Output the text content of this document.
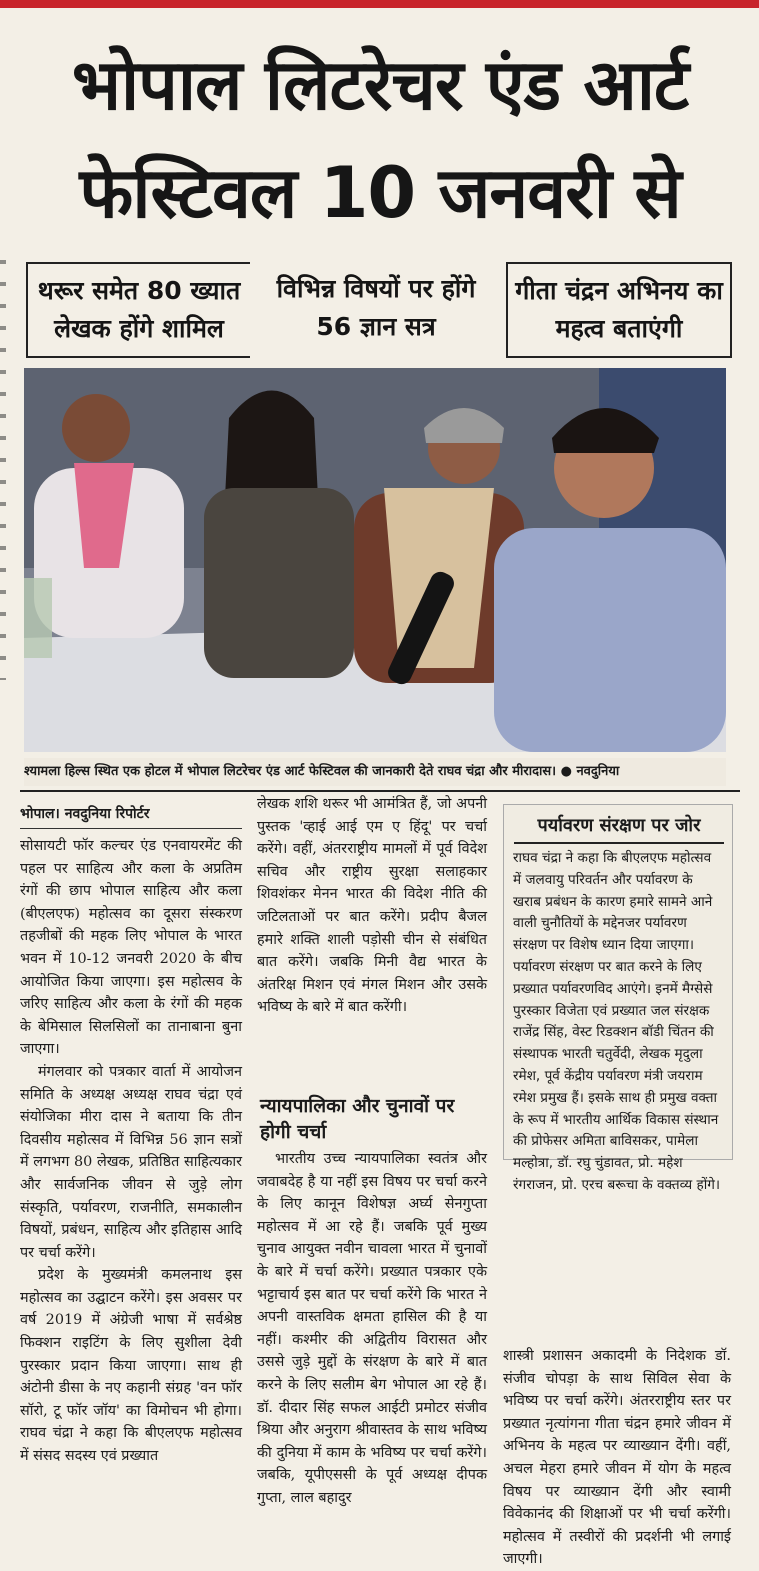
भोपाल लिटरेचर एंड आर्ट
फेस्टिवल 10 जनवरी से
थरूर समेत 80 ख्यात लेखक होंगे शामिल
विभिन्न विषयों पर होंगे 56 ज्ञान सत्र
गीता चंद्रन अभिनय का महत्व बताएंगी
श्यामला हिल्स स्थित एक होटल में भोपाल लिटरेचर एंड आर्ट फेस्टिवल की जानकारी देते राघव चंद्रा और मीरादास। ● नवदुनिया
भोपाल। नवदुनिया रिपोर्टर

सोसायटी फॉर कल्चर एंड एनवायरमेंट की पहल पर साहित्य और कला के अप्रतिम रंगों की छाप भोपाल साहित्य और कला (बीएलएफ) महोत्सव का दूसरा संस्करण तहजीबों की महक लिए भोपाल के भारत भवन में 10-12 जनवरी 2020 के बीच आयोजित किया जाएगा। इस महोत्सव के जरिए साहित्य और कला के रंगों की महक के बेमिसाल सिलसिलों का तानाबाना बुना जाएगा।

मंगलवार को पत्रकार वार्ता में आयोजन समिति के अध्यक्ष अध्यक्ष राघव चंद्रा एवं संयोजिका मीरा दास ने बताया कि तीन दिवसीय महोत्सव में विभिन्न 56 ज्ञान सत्रों में लगभग 80 लेखक, प्रतिष्ठित साहित्यकार और सार्वजनिक जीवन से जुड़े लोग संस्कृति, पर्यावरण, राजनीति, समकालीन विषयों, प्रबंधन, साहित्य और इतिहास आदि पर चर्चा करेंगे।

प्रदेश के मुख्यमंत्री कमलनाथ इस महोत्सव का उद्घाटन करेंगे। इस अवसर पर वर्ष 2019 में अंग्रेजी भाषा में सर्वश्रेष्ठ फिक्शन राइटिंग के लिए सुशीला देवी पुरस्कार प्रदान किया जाएगा। साथ ही अंटोनी डीसा के नए कहानी संग्रह 'वन फॉर सॉरो, टू फॉर जॉय' का विमोचन भी होगा। राघव चंद्रा ने कहा कि बीएलएफ महोत्सव में संसद सदस्य एवं प्रख्यात

लेखक शशि थरूर भी आमंत्रित हैं, जो अपनी पुस्तक 'व्हाई आई एम ए हिंदू' पर चर्चा करेंगे। वहीं, अंतरराष्ट्रीय मामलों में पूर्व विदेश सचिव और राष्ट्रीय सुरक्षा सलाहकार शिवशंकर मेनन भारत की विदेश नीति की जटिलताओं पर बात करेंगे। प्रदीप बैजल हमारे शक्ति शाली पड़ोसी चीन से संबंधित बात करेंगे। जबकि मिनी वैद्य भारत के अंतरिक्ष मिशन एवं मंगल मिशन और उसके भविष्य के बारे में बात करेंगी।

न्यायपालिका और चुनावों पर होगी चर्चा

भारतीय उच्च न्यायपालिका स्वतंत्र और जवाबदेह है या नहीं इस विषय पर चर्चा करने के लिए कानून विशेषज्ञ अर्घ्य सेनगुप्ता महोत्सव में आ रहे हैं। जबकि पूर्व मुख्य चुनाव आयुक्त नवीन चावला भारत में चुनावों के बारे में चर्चा करेंगे। प्रख्यात पत्रकार एके भट्टाचार्य इस बात पर चर्चा करेंगे कि भारत ने अपनी वास्तविक क्षमता हासिल की है या नहीं। कश्मीर की अद्वितीय विरासत और उससे जुड़े मुद्दों के संरक्षण के बारे में बात करने के लिए सलीम बेग भोपाल आ रहे हैं। डॉ. दीदार सिंह सफल आईटी प्रमोटर संजीव श्रिया और अनुराग श्रीवास्तव के साथ भविष्य की दुनिया में काम के भविष्य पर चर्चा करेंगे। जबकि, यूपीएससी के पूर्व अध्यक्ष दीपक गुप्ता, लाल बहादुर

पर्यावरण संरक्षण पर जोर
राघव चंद्रा ने कहा कि बीएलएफ महोत्सव में जलवायु परिवर्तन और पर्यावरण के खराब प्रबंधन के कारण हमारे सामने आने वाली चुनौतियों के मद्देनजर पर्यावरण संरक्षण पर विशेष ध्यान दिया जाएगा। पर्यावरण संरक्षण पर बात करने के लिए प्रख्यात पर्यावरणविद आएंगे। इनमें मैग्सेसे पुरस्कार विजेता एवं प्रख्यात जल संरक्षक राजेंद्र सिंह, वेस्ट रिडक्शन बॉडी चिंतन की संस्थापक भारती चतुर्वेदी, लेखक मृदुला रमेश, पूर्व केंद्रीय पर्यावरण मंत्री जयराम रमेश प्रमुख हैं। इसके साथ ही प्रमुख वक्ता के रूप में भारतीय आर्थिक विकास संस्थान की प्रोफेसर अमिता बाविसकर, पामेला मल्होत्रा, डॉ. रघु चुंडावत, प्रो. महेश रंगराजन, प्रो. एरच बरूचा के वक्तव्य होंगे।

शास्त्री प्रशासन अकादमी के निदेशक डॉ. संजीव चोपड़ा के साथ सिविल सेवा के भविष्य पर चर्चा करेंगे। अंतरराष्ट्रीय स्तर पर प्रख्यात नृत्यांगना गीता चंद्रन हमारे जीवन में अभिनय के महत्व पर व्याख्यान देंगी। वहीं, अचल मेहरा हमारे जीवन में योग के महत्व विषय पर व्याख्यान देंगी और स्वामी विवेकानंद की शिक्षाओं पर भी चर्चा करेंगी। महोत्सव में तस्वीरों की प्रदर्शनी भी लगाई जाएगी।
